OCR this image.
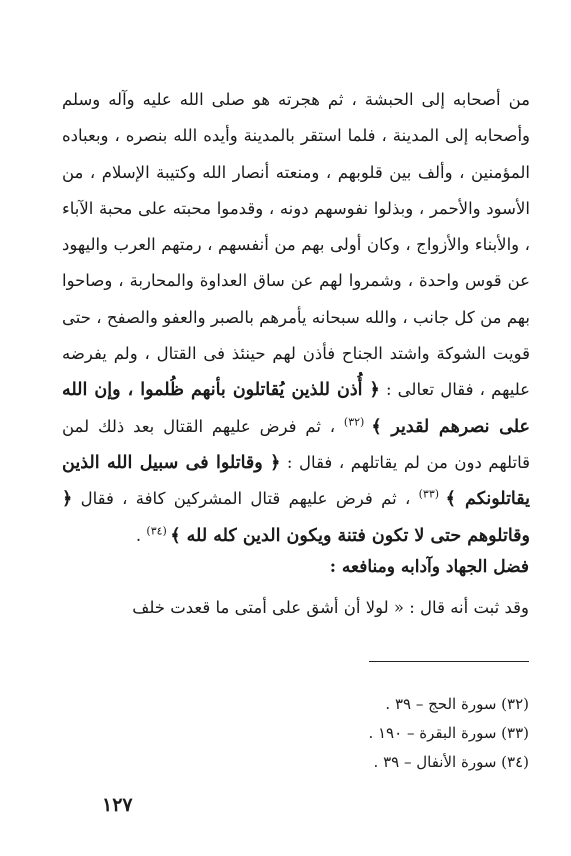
من أصحابه إلى الحبشة ، ثم هجرته هو صلى الله عليه وآله وسلم وأصحابه إلى المدينة ، فلما استقر بالمدينة وأيده الله بنصره ، وبعباده المؤمنين ، وألف بين قلوبهم ، ومنعته أنصار الله وكتيبة الإسلام ، من الأسود والأحمر ، وبذلوا نفوسهم دونه ، وقدموا محبته على محبة الآباء ، والأبناء والأزواج ، وكان أولى بهم من أنفسهم ، رمتهم العرب واليهود عن قوس واحدة ، وشمروا لهم عن ساق العداوة والمحاربة ، وصاحوا بهم من كل جانب ، والله سبحانه يأمرهم بالصبر والعفو والصفح ، حتى قويت الشوكة واشتد الجناح فأذن لهم حينئذ فى القتال ، ولم يفرضه عليهم ، فقال تعالى : ﴿ أُذن للذين يُقاتلون بأنهم ظُلموا ، وإن الله على نصرهم لقدير ﴾ $^{(٣٢)}$ ، ثم فرض عليهم القتال بعد ذلك لمن قاتلهم دون من لم يقاتلهم ، فقال : ﴿ وقاتلوا فى سبيل الله الذين يقاتلونكم ﴾ $^{(٣٣)}$ ، ثم فرض عليهم قتال المشركين كافة ، فقال ﴿ وقاتلوهم حتى لا تكون فتنة ويكون الدين كله لله ﴾ $^{(٣٤)}$ .

فضل الجهاد وآدابه ومنافعه :

وقد ثبت أنه قال : « لولا أن أشق على أمتى ما قعدت خلف

(٣٢) سورة الحج – ٣٩ .
(٣٣) سورة البقرة – ١٩٠ .
(٣٤) سورة الأنفال – ٣٩ .
١٢٧
